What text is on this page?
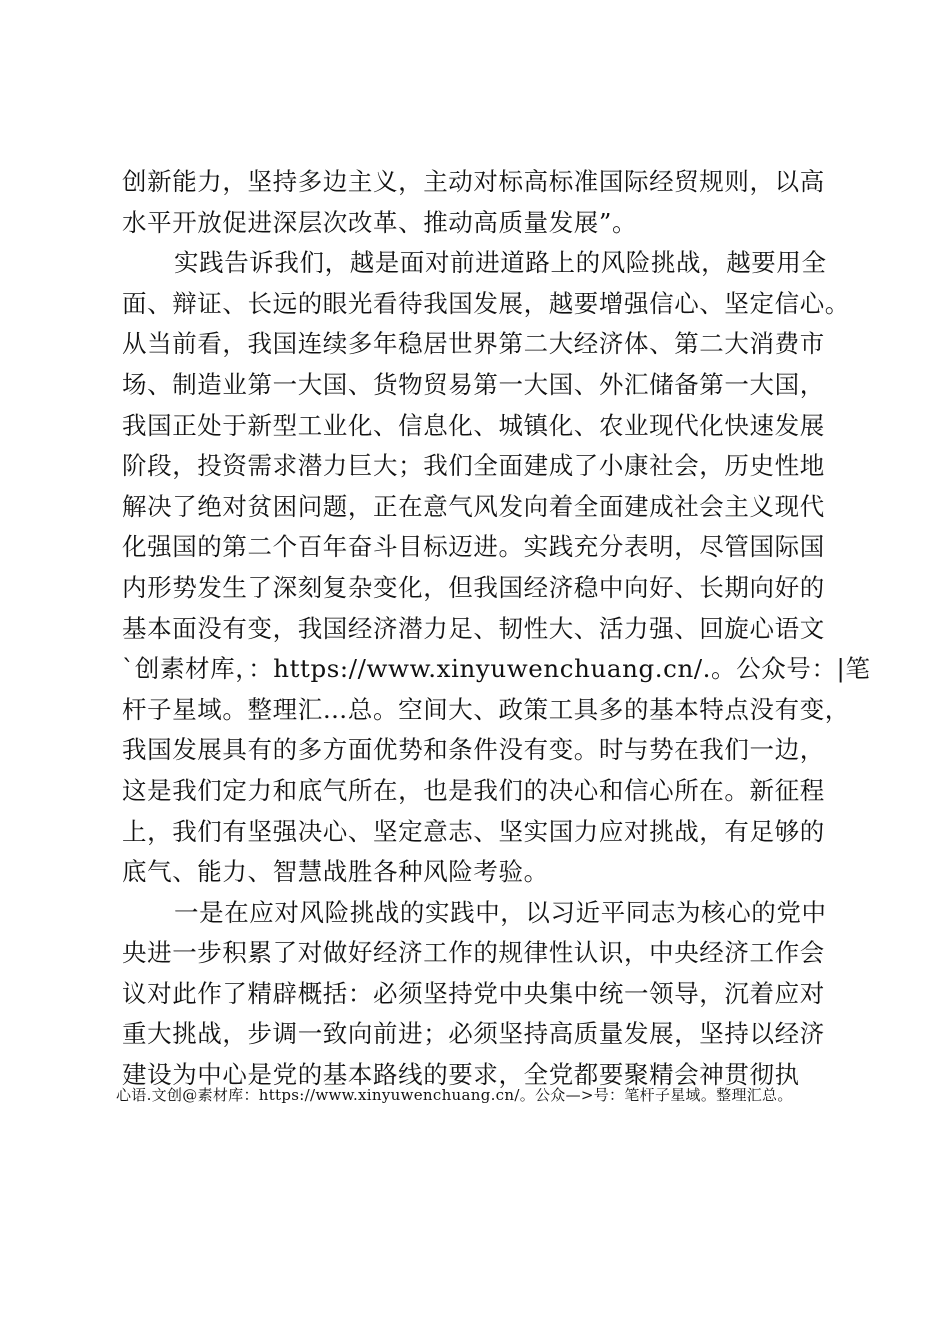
创新能力，坚持多边主义，主动对标高标准国际经贸规则，以高
水平开放促进深层次改革、推动高质量发展”。
实践告诉我们，越是面对前进道路上的风险挑战，越要用全
面、辩证、长远的眼光看待我国发展，越要增强信心、坚定信心。
从当前看，我国连续多年稳居世界第二大经济体、第二大消费市
场、制造业第一大国、货物贸易第一大国、外汇储备第一大国，
我国正处于新型工业化、信息化、城镇化、农业现代化快速发展
阶段，投资需求潜力巨大；我们全面建成了小康社会，历史性地
解决了绝对贫困问题，正在意气风发向着全面建成社会主义现代
化强国的第二个百年奋斗目标迈进。实践充分表明，尽管国际国
内形势发生了深刻复杂变化，但我国经济稳中向好、长期向好的
基本面没有变，我国经济潜力足、韧性大、活力强、回旋心语文
`创素材库，：https://www.xinyuwenchuang.cn/.。公众号：|笔
杆子星域。整理汇…总。空间大、政策工具多的基本特点没有变，
我国发展具有的多方面优势和条件没有变。时与势在我们一边，
这是我们定力和底气所在，也是我们的决心和信心所在。新征程
上，我们有坚强决心、坚定意志、坚实国力应对挑战，有足够的
底气、能力、智慧战胜各种风险考验。
一是在应对风险挑战的实践中，以习近平同志为核心的党中
央进一步积累了对做好经济工作的规律性认识，中央经济工作会
议对此作了精辟概括：必须坚持党中央集中统一领导，沉着应对
重大挑战，步调一致向前进；必须坚持高质量发展，坚持以经济
建设为中心是党的基本路线的要求，全党都要聚精会神贯彻执
心语.文创@素材库：https://www.xinyuwenchuang.cn/。公众—>号：笔杆子星域。整理汇总。
